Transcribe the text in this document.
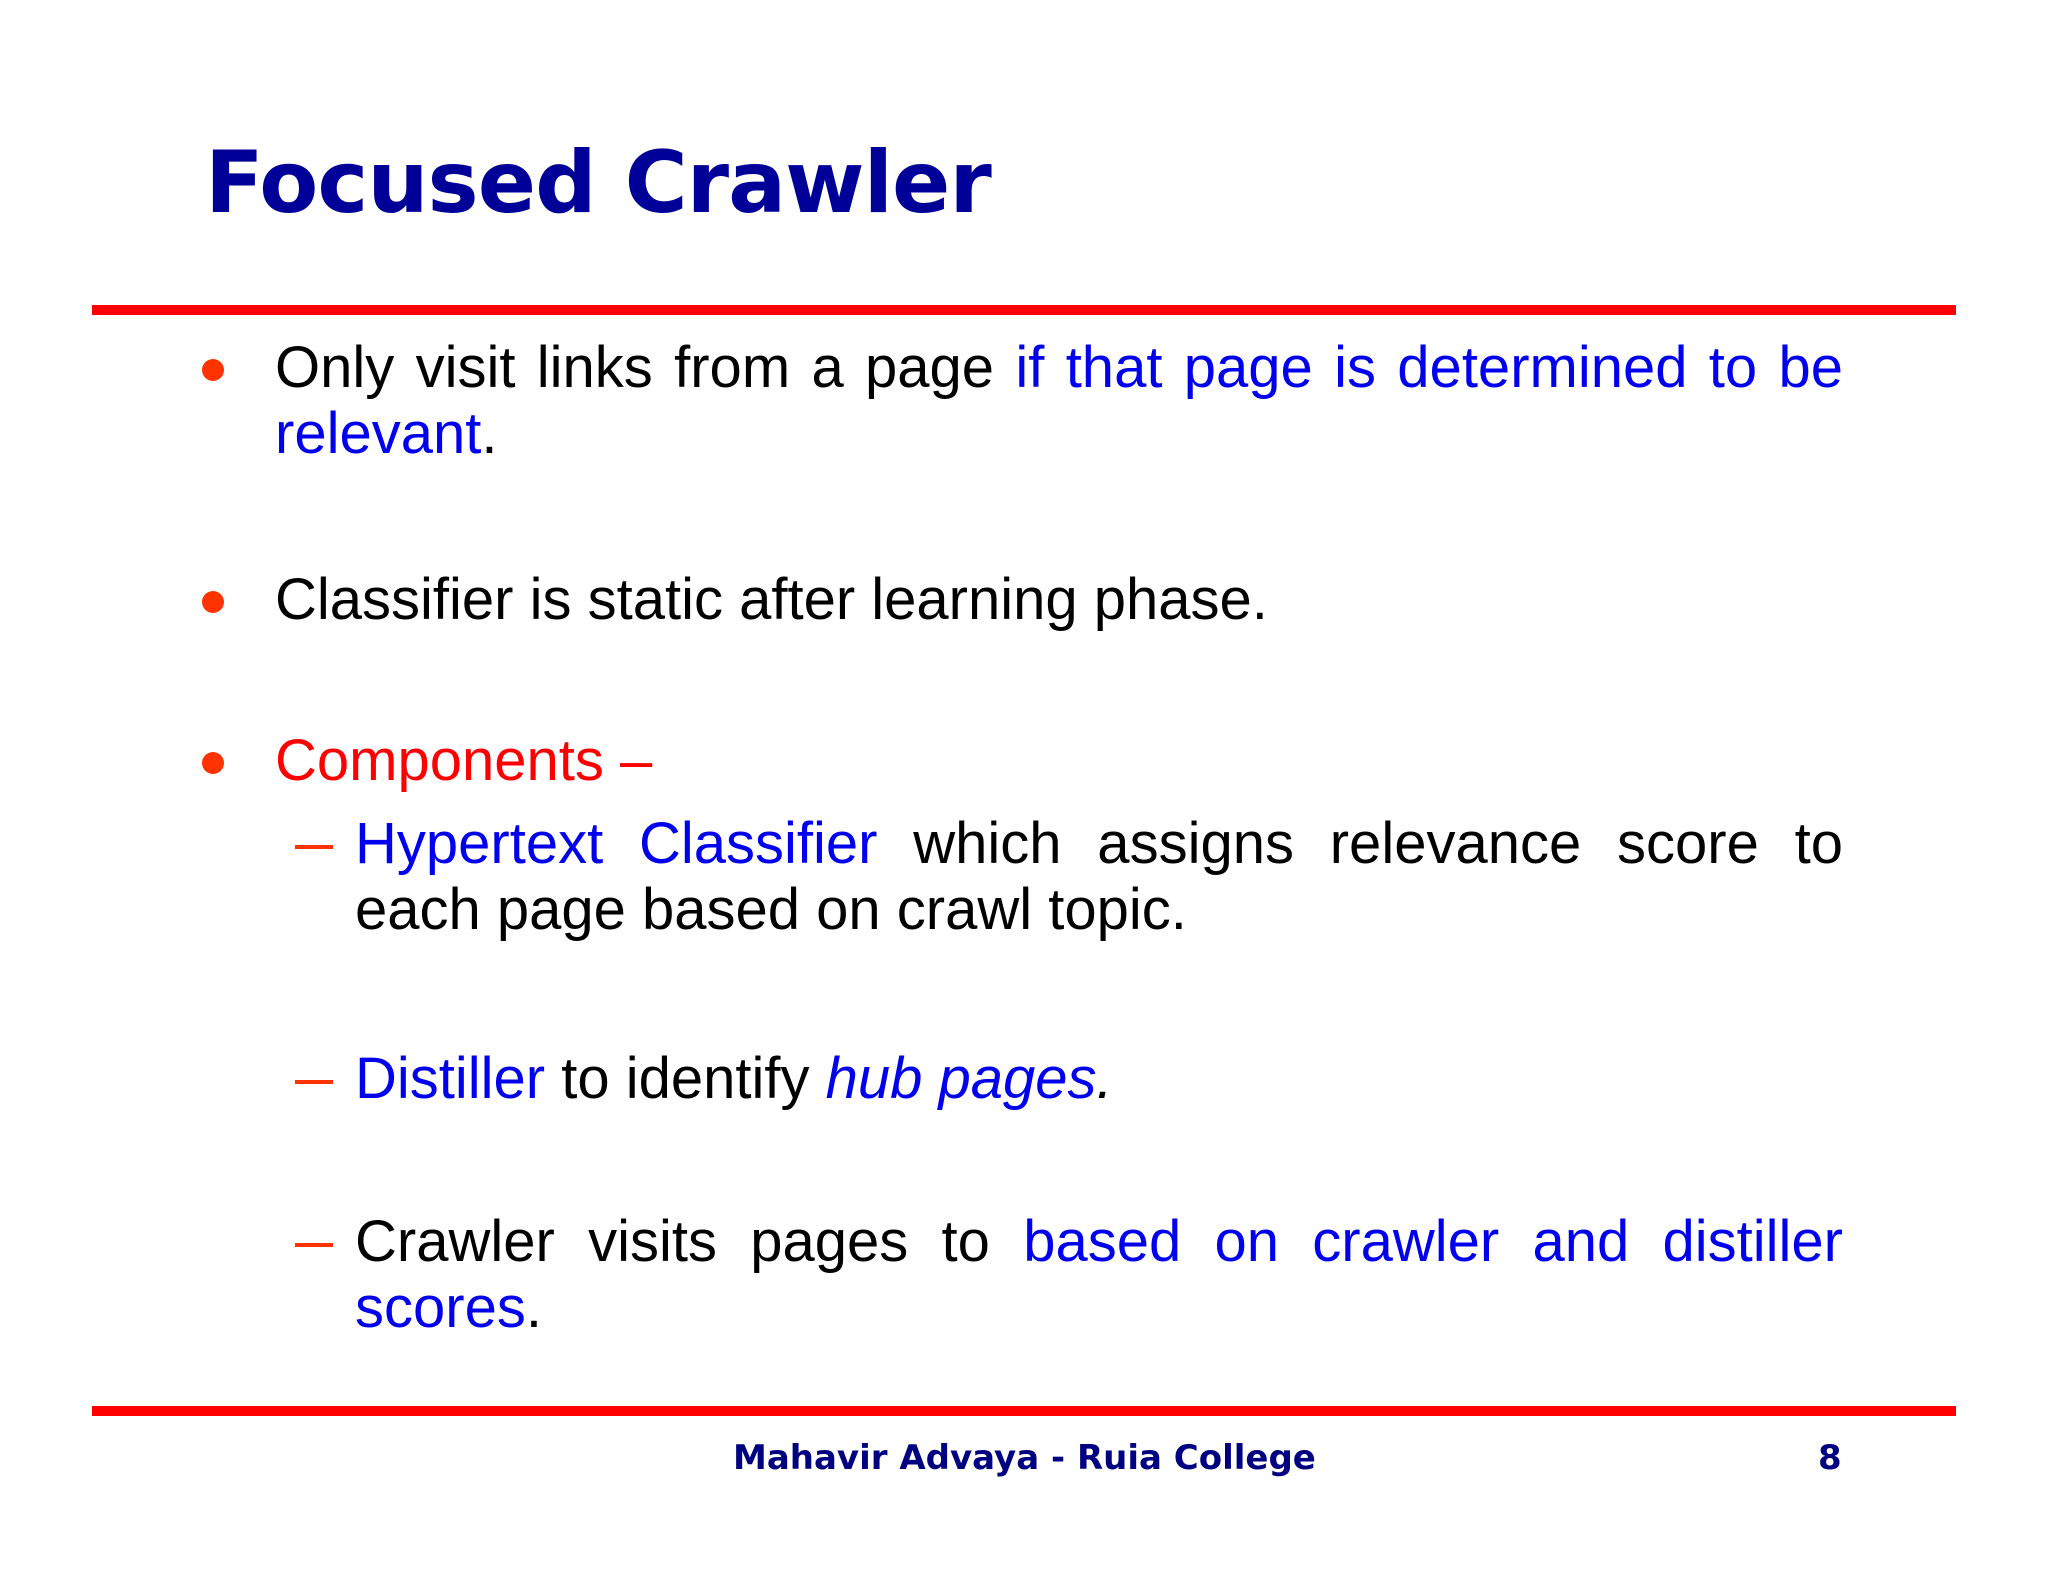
Focused Crawler
Only visit links from a page if that page is determined to be relevant.
Classifier is static after learning phase.
Components –
Hypertext Classifier which assigns relevance score to each page based on crawl topic.
Distiller to identify hub pages.
Crawler visits pages to based on crawler and distiller scores.
Mahavir Advaya - Ruia College	8
